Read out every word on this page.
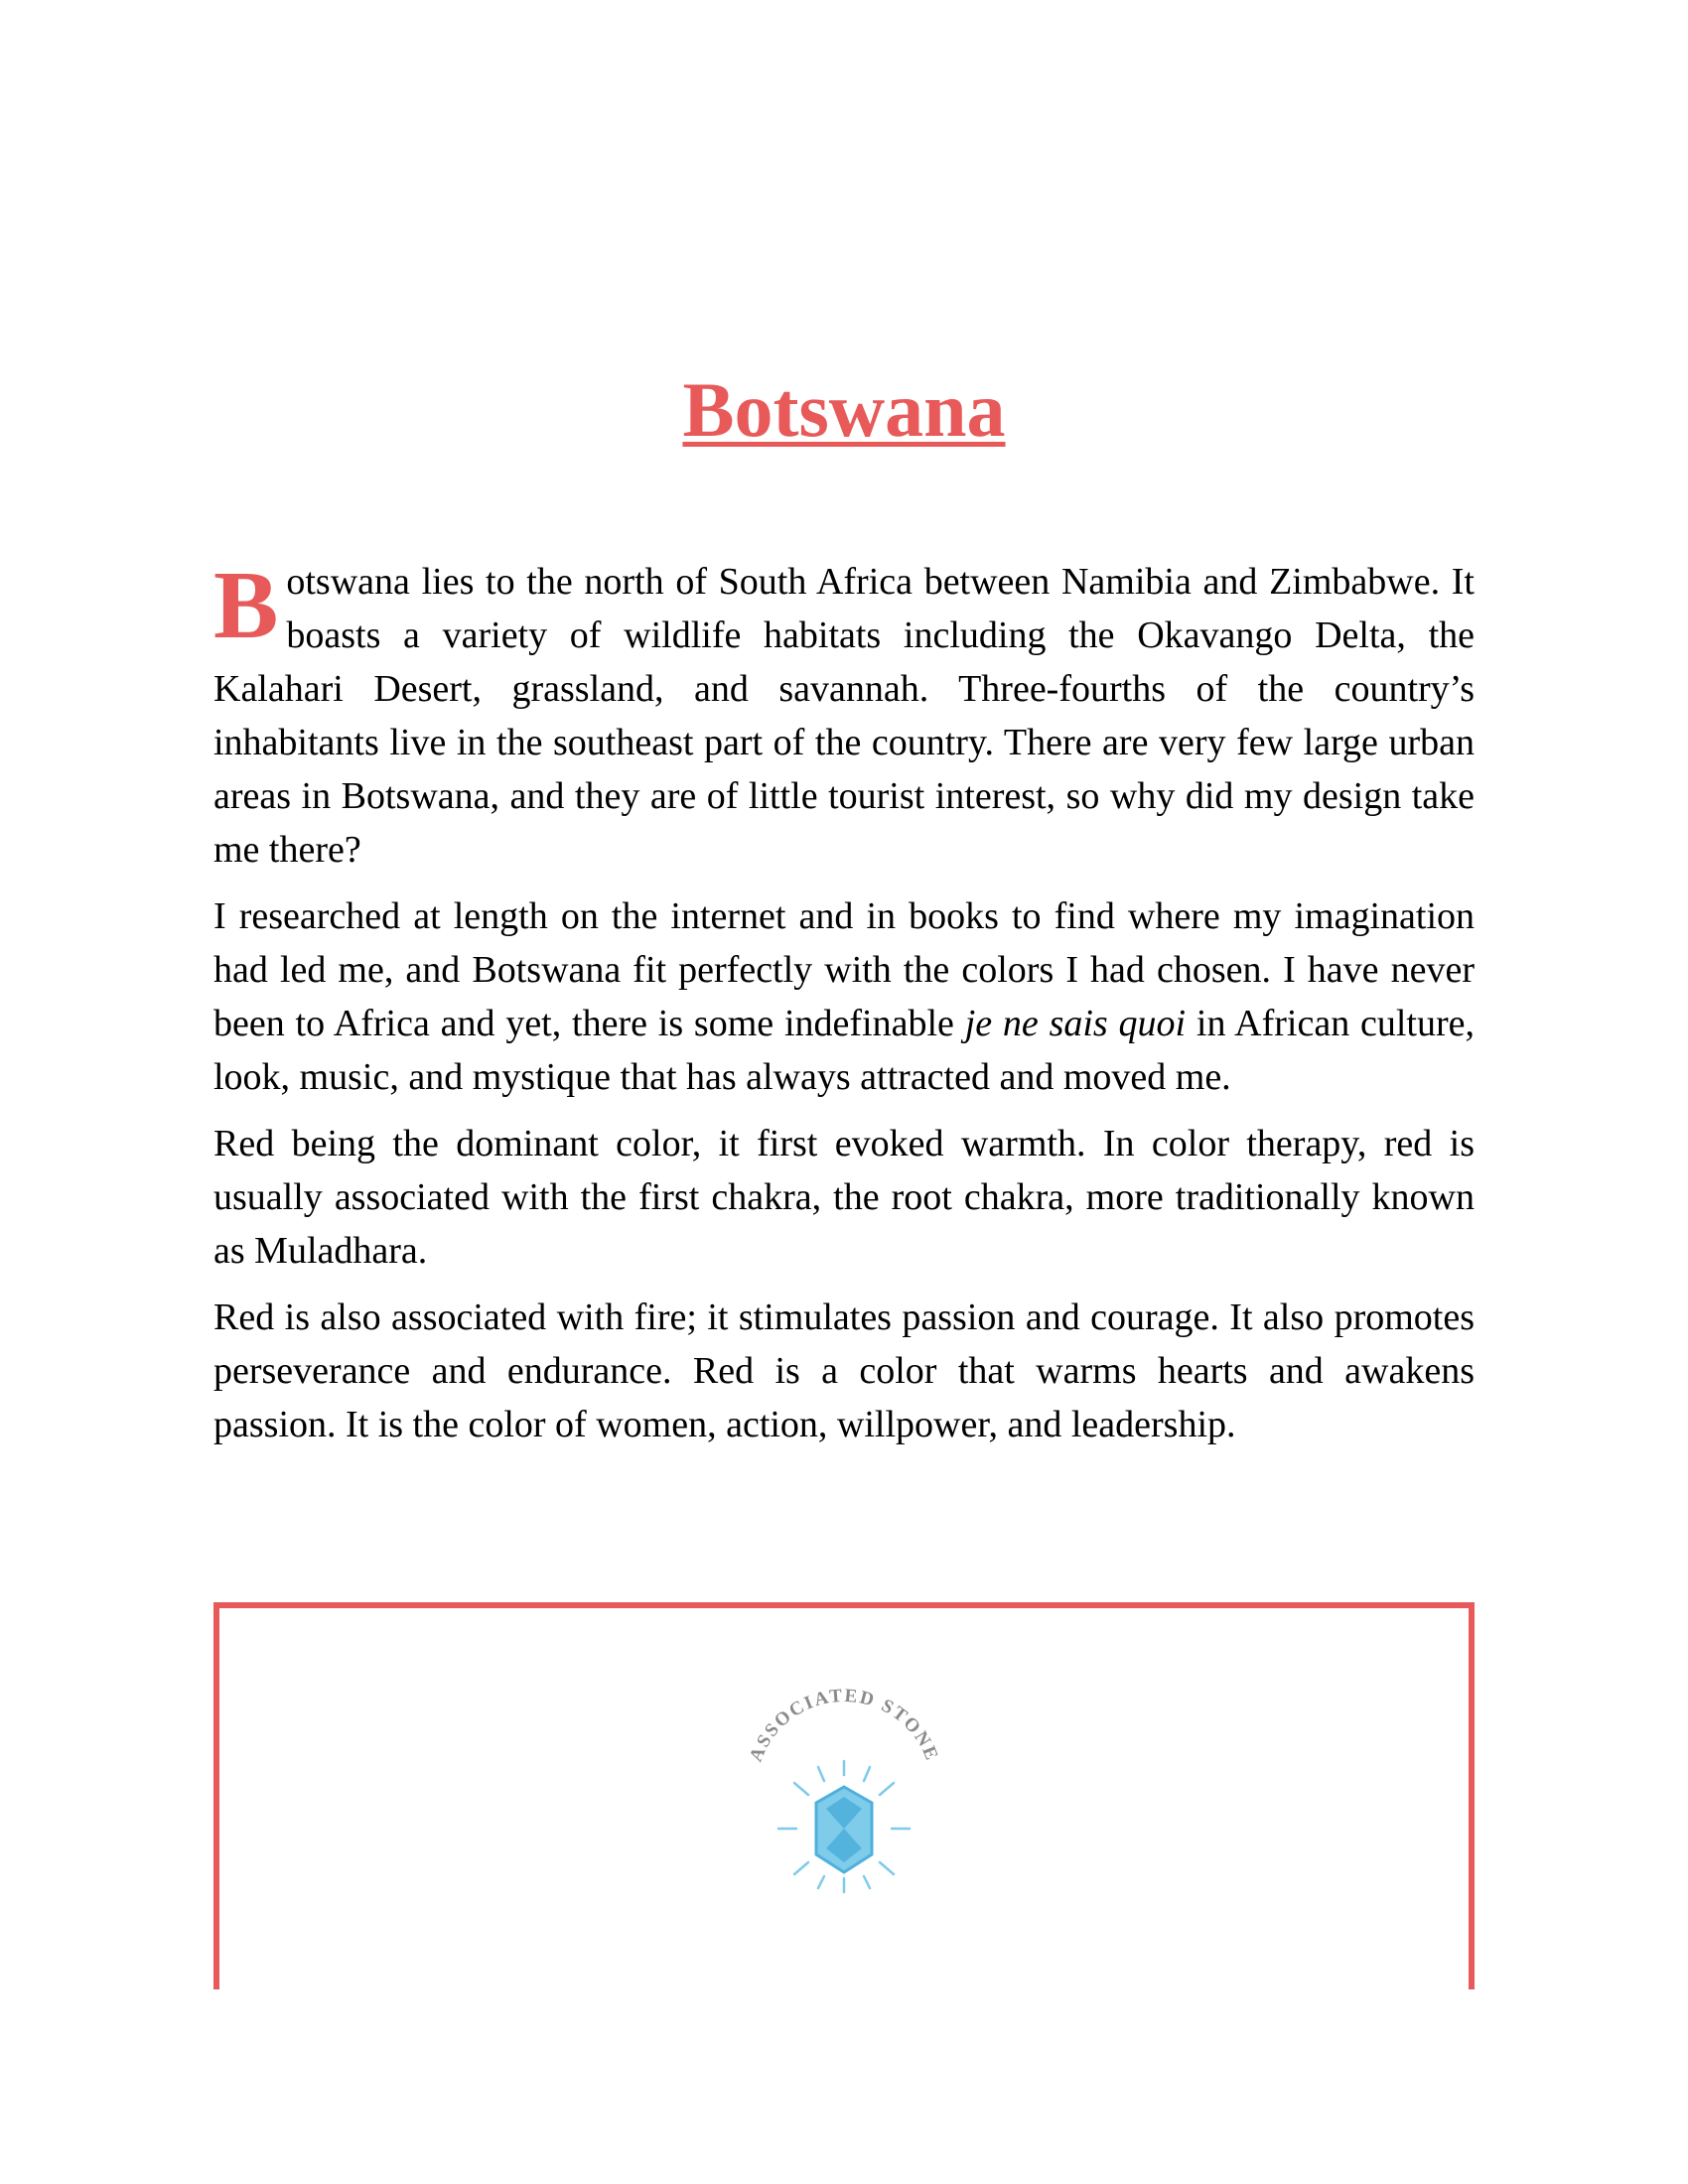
Botswana

Botswana lies to the north of South Africa between Namibia and Zimbabwe. It boasts a variety of wildlife habitats including the Okavango Delta, the Kalahari Desert, grassland, and savannah. Three-fourths of the country’s inhabitants live in the southeast part of the country. There are very few large urban areas in Botswana, and they are of little tourist interest, so why did my design take me there?

I researched at length on the internet and in books to find where my imagination had led me, and Botswana fit perfectly with the colors I had chosen. I have never been to Africa and yet, there is some indefinable je ne sais quoi in African culture, look, music, and mystique that has always attracted and moved me.

Red being the dominant color, it first evoked warmth. In color therapy, red is usually associated with the first chakra, the root chakra, more traditionally known as Muladhara.

Red is also associated with fire; it stimulates passion and courage. It also promotes perseverance and endurance. Red is a color that warms hearts and awakens passion. It is the color of women, action, willpower, and leadership.

ASSOCIATED STONE
